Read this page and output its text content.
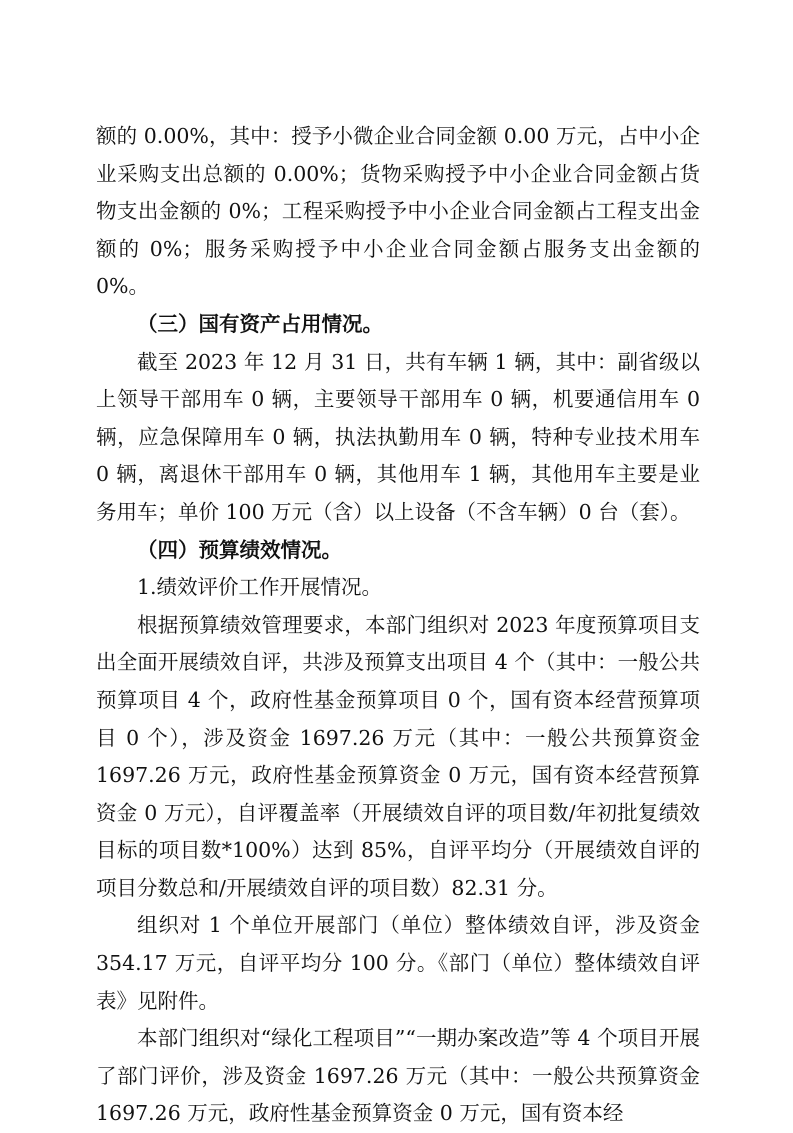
额的 0.00%，其中：授予小微企业合同金额 0.00 万元，占中小企业采购支出总额的 0.00%；货物采购授予中小企业合同金额占货物支出金额的 0%；工程采购授予中小企业合同金额占工程支出金额的 0%；服务采购授予中小企业合同金额占服务支出金额的 0%。

（三）国有资产占用情况。

截至 2023 年 12 月 31 日，共有车辆 1 辆，其中：副省级以上领导干部用车 0 辆，主要领导干部用车 0 辆，机要通信用车 0 辆，应急保障用车 0 辆，执法执勤用车 0 辆，特种专业技术用车 0 辆，离退休干部用车 0 辆，其他用车 1 辆，其他用车主要是业务用车；单价 100 万元（含）以上设备（不含车辆）0 台（套）。

（四）预算绩效情况。

1.绩效评价工作开展情况。

根据预算绩效管理要求，本部门组织对 2023 年度预算项目支出全面开展绩效自评，共涉及预算支出项目 4 个（其中：一般公共预算项目 4 个，政府性基金预算项目 0 个，国有资本经营预算项目 0 个），涉及资金 1697.26 万元（其中：一般公共预算资金 1697.26 万元，政府性基金预算资金 0 万元，国有资本经营预算资金 0 万元），自评覆盖率（开展绩效自评的项目数/年初批复绩效目标的项目数*100%）达到 85%，自评平均分（开展绩效自评的项目分数总和/开展绩效自评的项目数）82.31 分。

组织对 1 个单位开展部门（单位）整体绩效自评，涉及资金 354.17 万元，自评平均分 100 分。《部门（单位）整体绩效自评表》见附件。

本部门组织对“绿化工程项目”“一期办案改造”等 4 个项目开展了部门评价，涉及资金 1697.26 万元（其中：一般公共预算资金 1697.26 万元，政府性基金预算资金 0 万元，国有资本经
